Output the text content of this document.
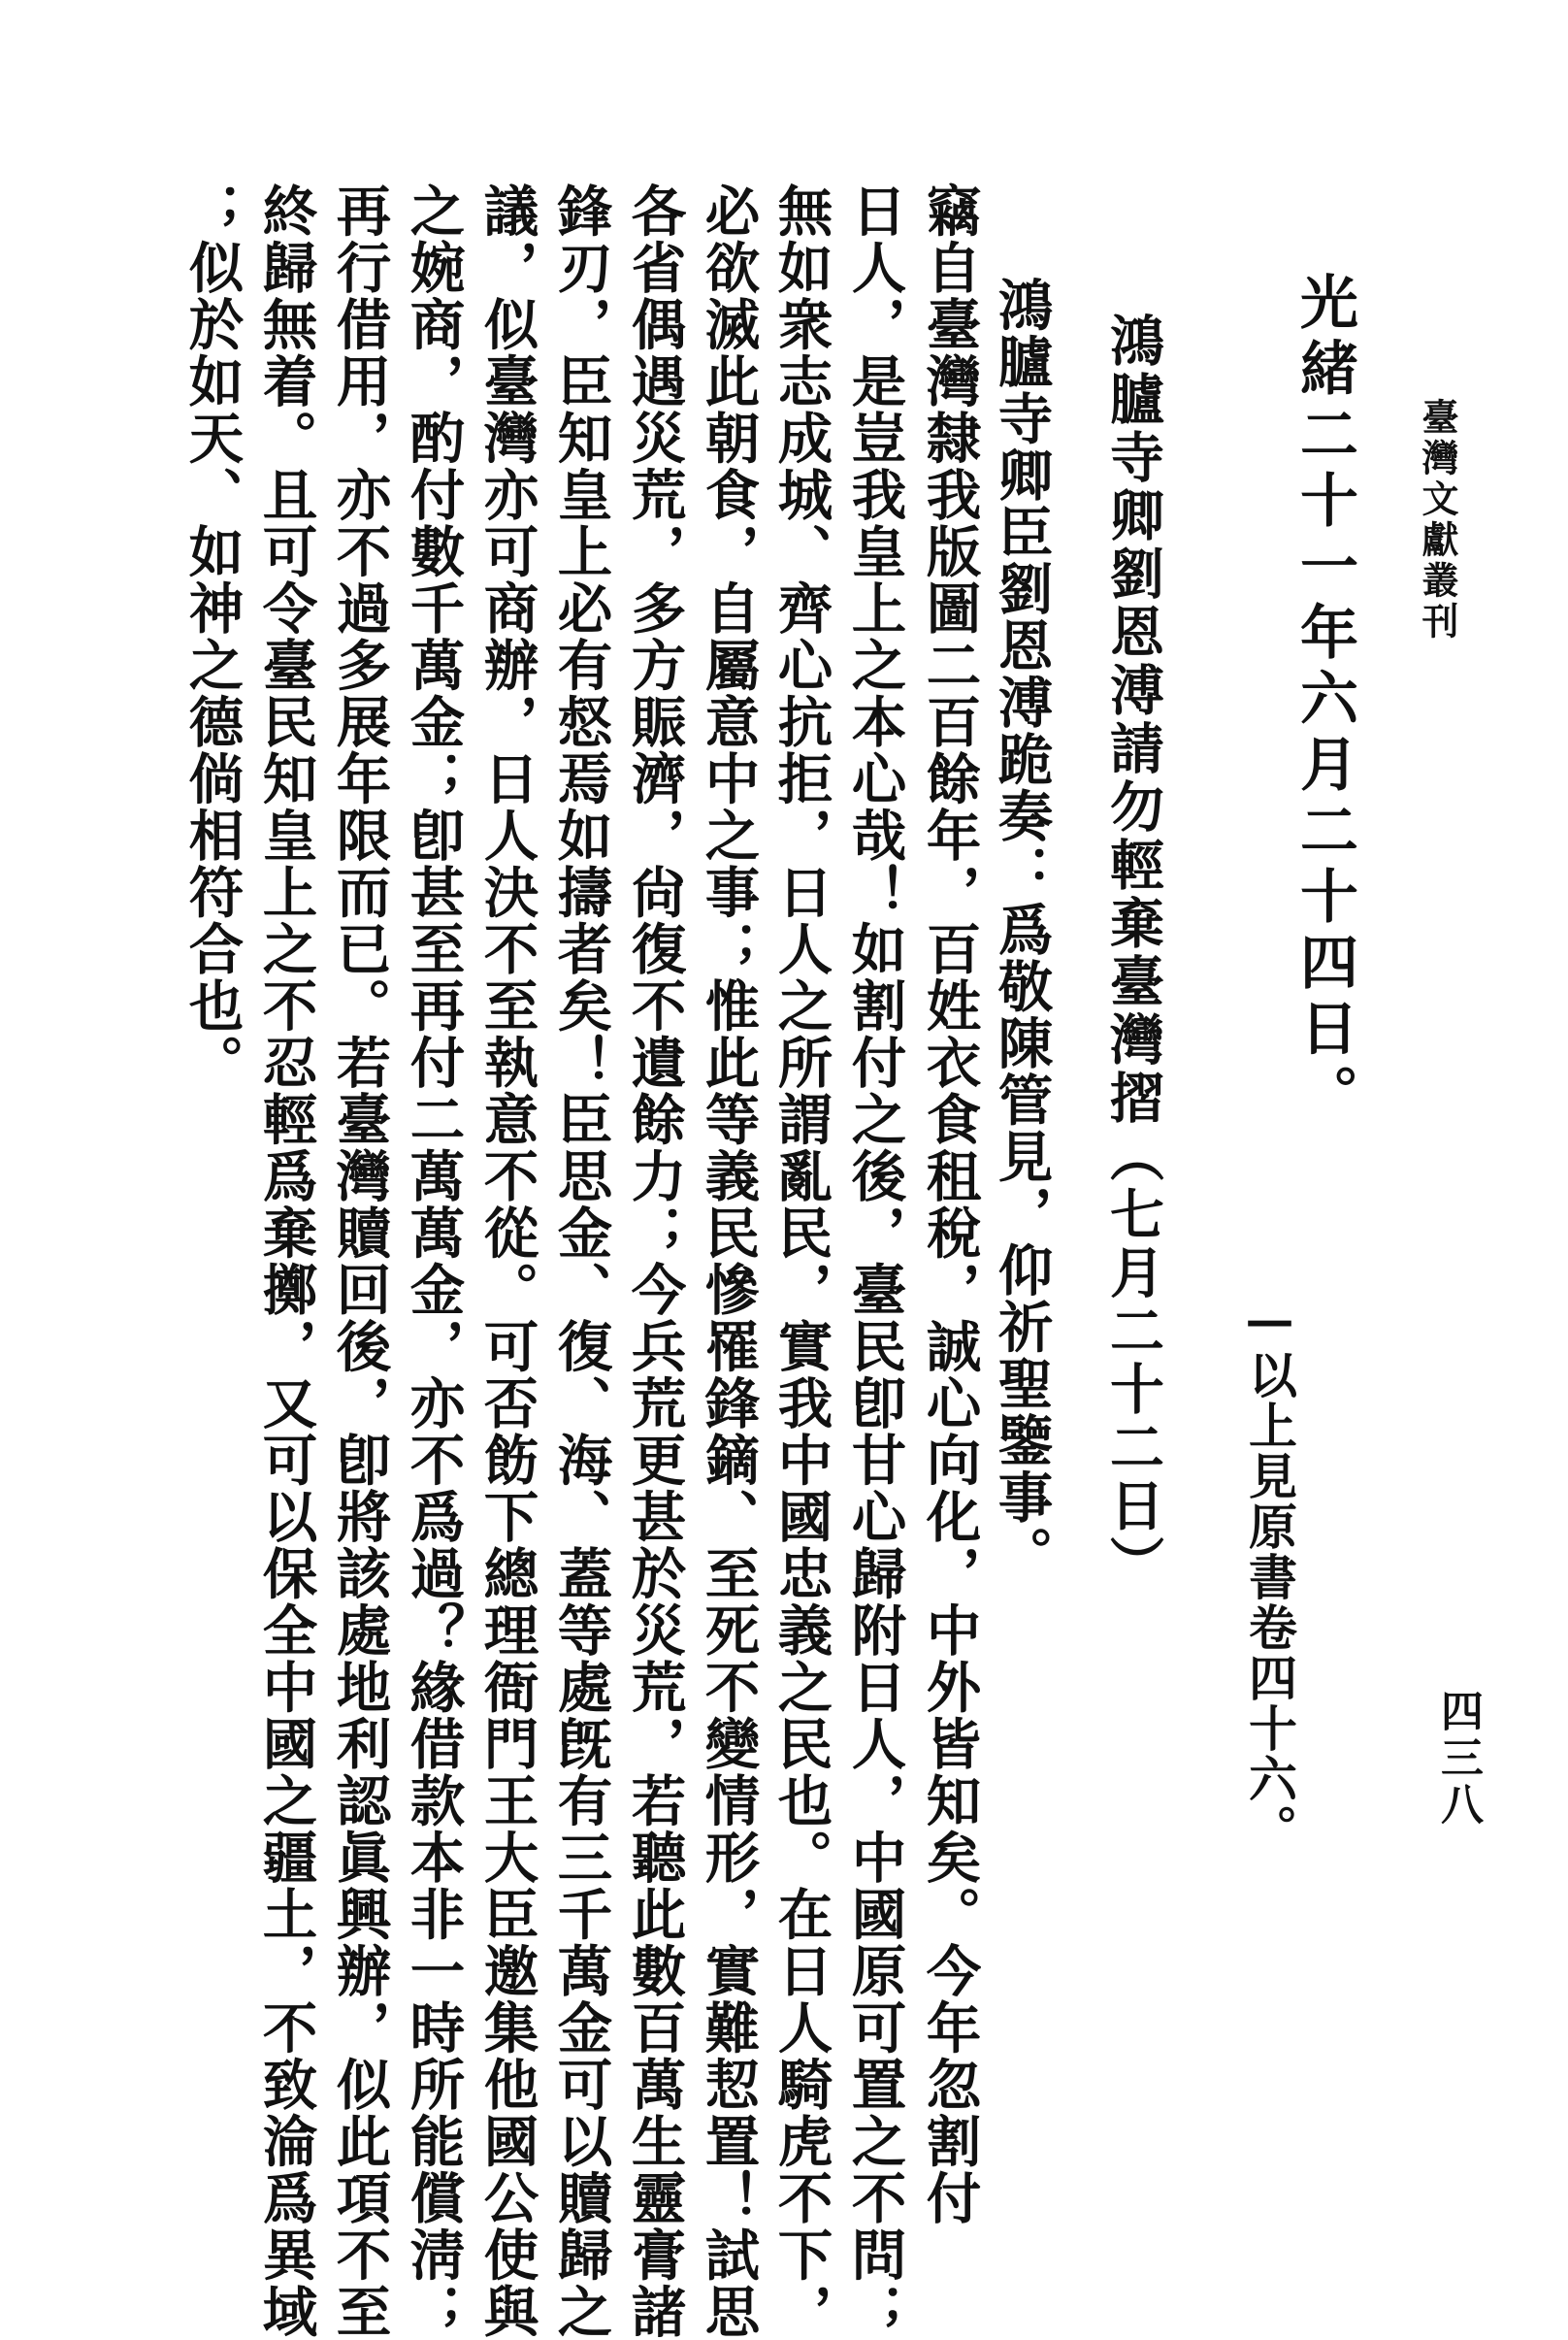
臺灣文獻叢刊
四三八
光緒二十一年六月二十四日。
—以上見原書卷四十六。
鴻臚寺卿劉恩溥請勿輕棄臺灣摺（七月二十二日）
鴻臚寺卿臣劉恩溥跪奏：爲敬陳管見，仰祈聖鑒事。
竊自臺灣隸我版圖二百餘年，百姓衣食租稅，誠心向化，中外皆知矣。今年忽割付
日人，是豈我皇上之本心哉！如割付之後，臺民卽甘心歸附日人，中國原可置之不問；
無如衆志成城、齊心抗拒，日人之所謂亂民，實我中國忠義之民也。在日人騎虎不下，
必欲滅此朝食，自屬意中之事；惟此等義民慘罹鋒鏑、至死不變情形，實難恝置！試思
各省偶遇災荒，多方賑濟，尙復不遺餘力；今兵荒更甚於災荒，若聽此數百萬生靈膏諸
鋒刃，臣知皇上必有惄焉如擣者矣！臣思金、復、海、蓋等處旣有三千萬金可以贖歸之
議，似臺灣亦可商辦，日人決不至執意不從。可否飭下總理衙門王大臣邀集他國公使與
之婉商，酌付數千萬金；卽甚至再付二萬萬金，亦不爲過？緣借款本非一時所能償淸；
再行借用，亦不過多展年限而已。若臺灣贖回後，卽將該處地利認眞興辦，似此項不至
終歸無着。且可令臺民知皇上之不忍輕爲棄擲，又可以保全中國之疆土，不致淪爲異域
；似於如天、如神之德倘相符合也。
